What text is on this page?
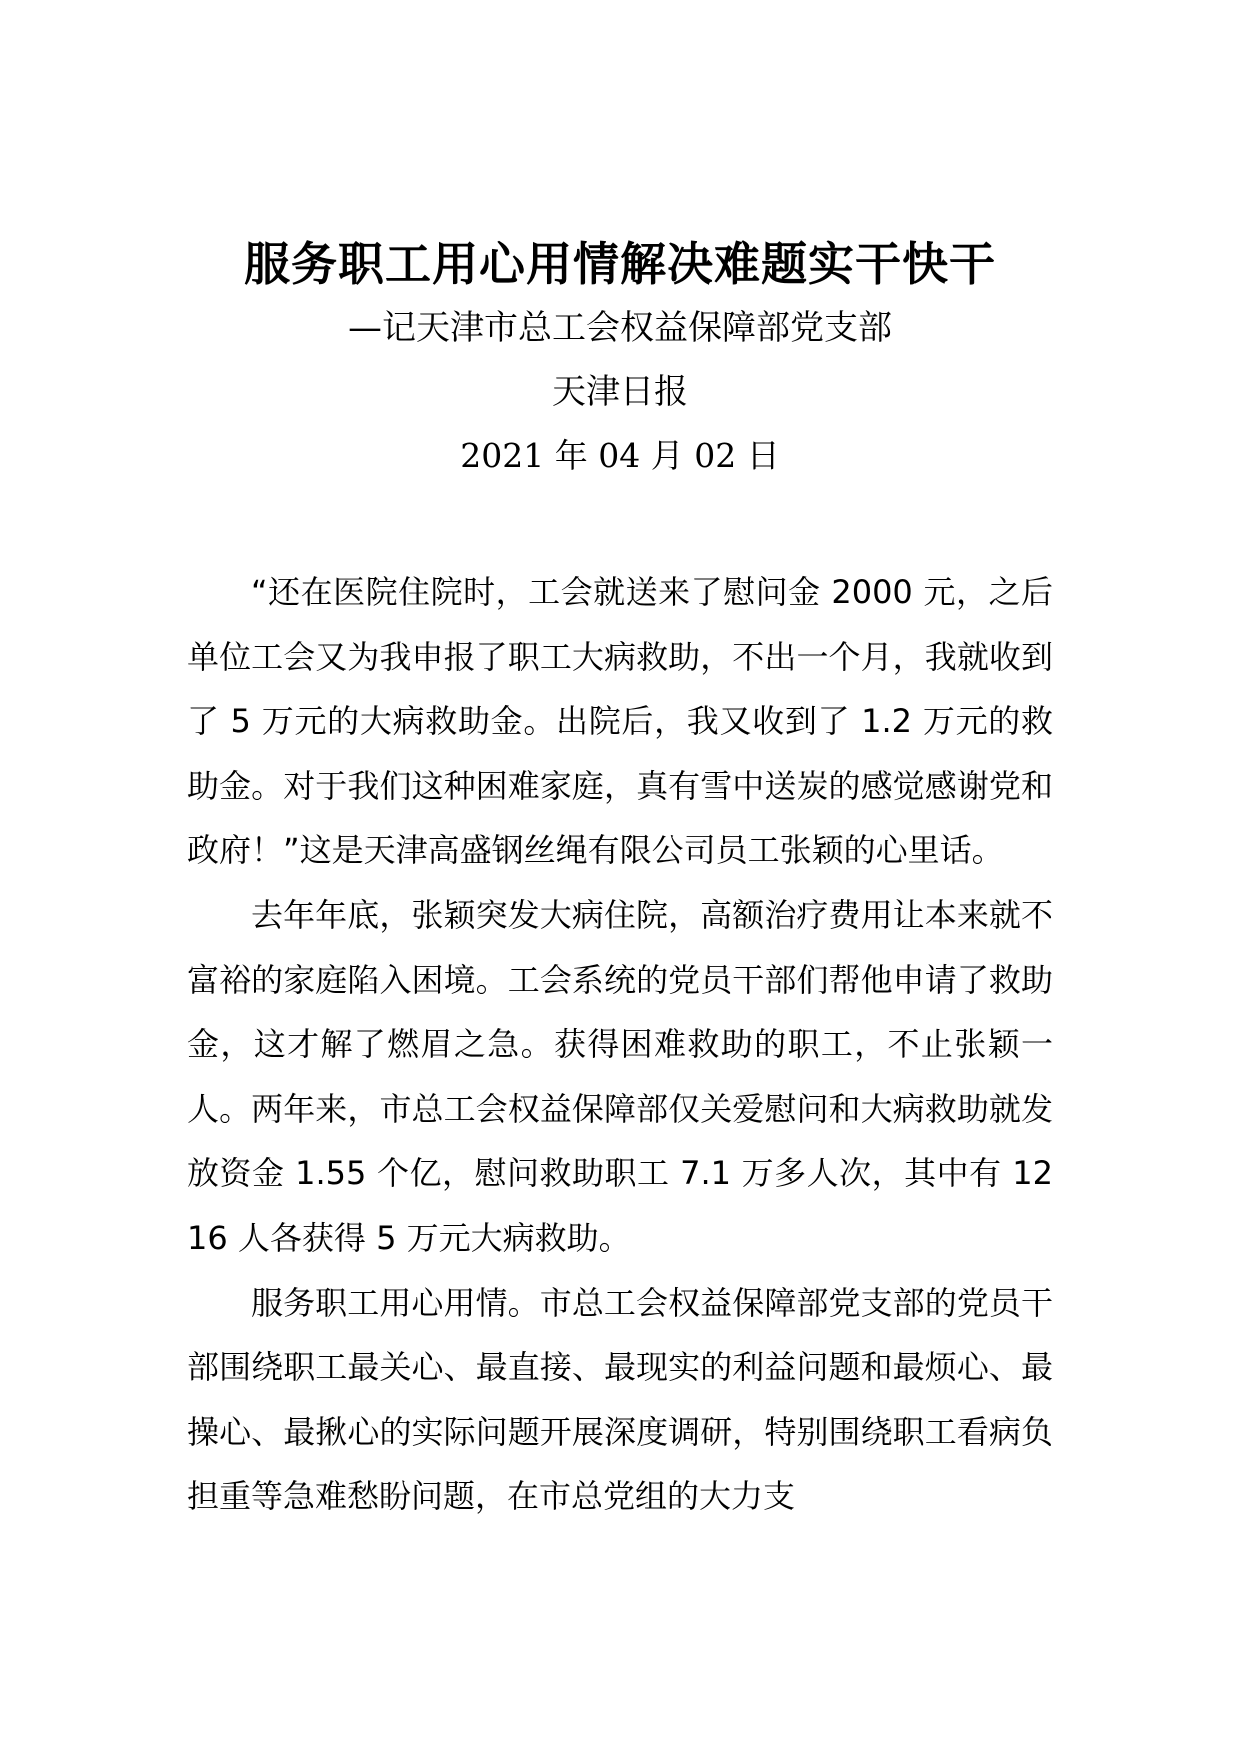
服务职工用心用情解决难题实干快干
—记天津市总工会权益保障部党支部
天津日报
2021 年 04 月 02 日

“还在医院住院时，工会就送来了慰问金 2000 元，之后单位工会又为我申报了职工大病救助，不出一个月，我就收到了 5 万元的大病救助金。出院后，我又收到了 1.2 万元的救助金。对于我们这种困难家庭，真有雪中送炭的感觉感谢党和政府！”这是天津高盛钢丝绳有限公司员工张颖的心里话。

去年年底，张颖突发大病住院，高额治疗费用让本来就不富裕的家庭陷入困境。工会系统的党员干部们帮他申请了救助金，这才解了燃眉之急。获得困难救助的职工，不止张颖一人。两年来，市总工会权益保障部仅关爱慰问和大病救助就发放资金 1.55 个亿，慰问救助职工 7.1 万多人次，其中有 1216 人各获得 5 万元大病救助。

服务职工用心用情。市总工会权益保障部党支部的党员干部围绕职工最关心、最直接、最现实的利益问题和最烦心、最操心、最揪心的实际问题开展深度调研，特别围绕职工看病负担重等急难愁盼问题，在市总党组的大力支
